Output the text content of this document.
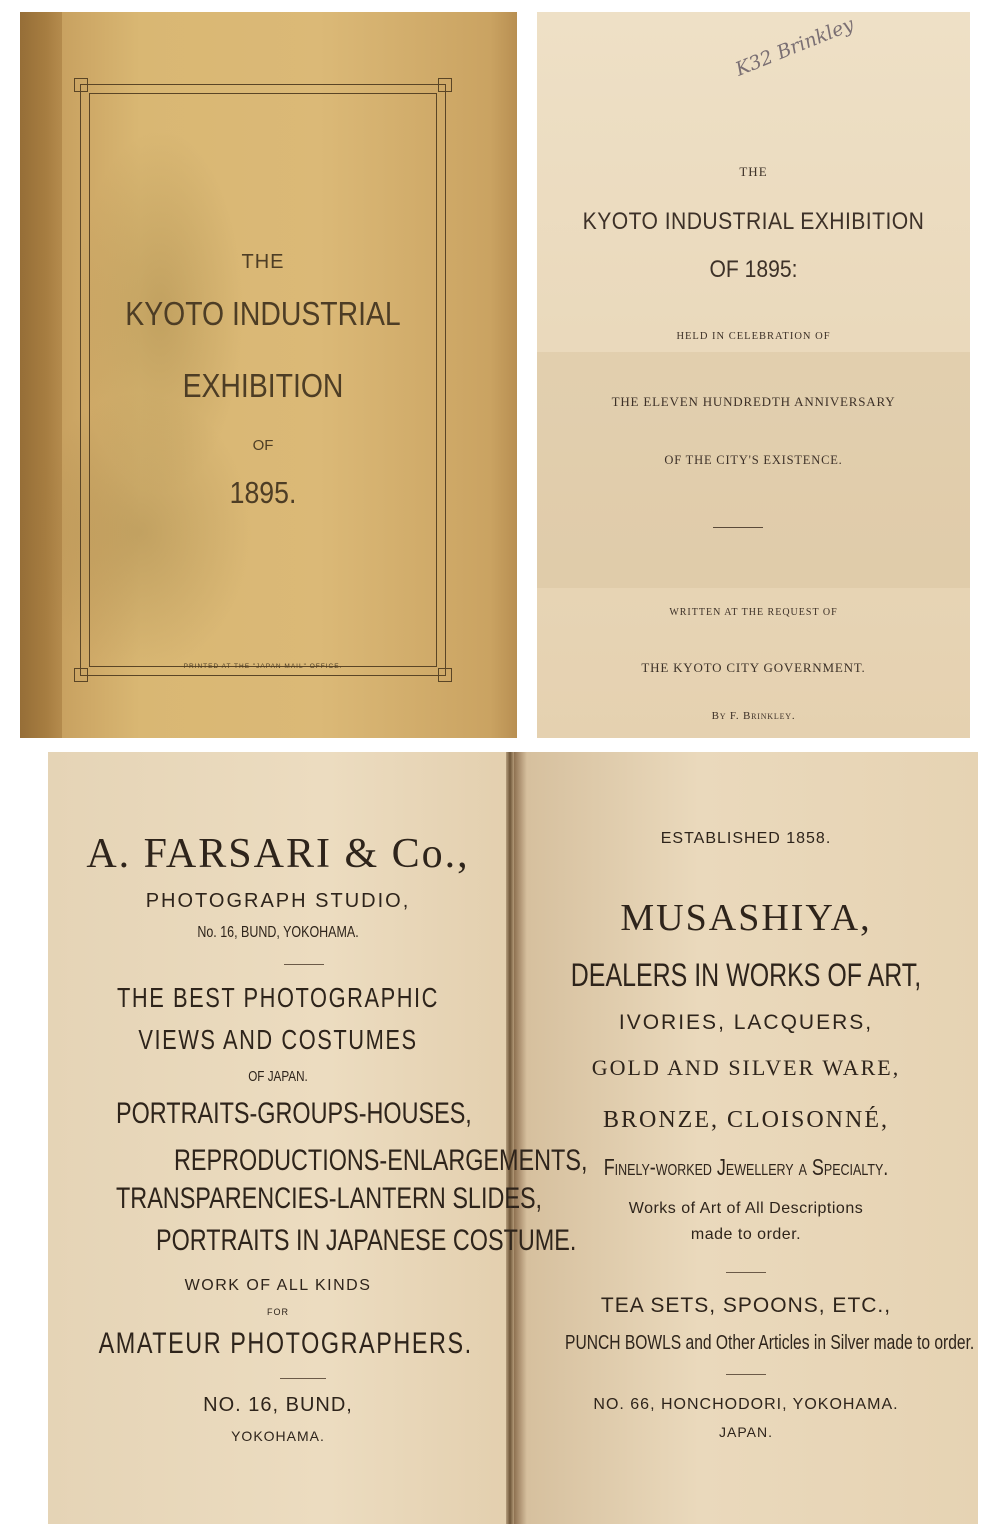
THE
KYOTO INDUSTRIAL
EXHIBITION
OF
1895.
PRINTED AT THE "JAPAN MAIL" OFFICE.
K32 Brinkley
THE
KYOTO INDUSTRIAL EXHIBITION
OF 1895:
HELD IN CELEBRATION OF
THE ELEVEN HUNDREDTH ANNIVERSARY
OF THE CITY'S EXISTENCE.
WRITTEN AT THE REQUEST OF
THE KYOTO CITY GOVERNMENT.
By F. Brinkley.
A. FARSARI & Co.,
PHOTOGRAPH STUDIO,
No. 16, BUND, YOKOHAMA.
THE BEST PHOTOGRAPHIC
VIEWS AND COSTUMES
OF JAPAN.
PORTRAITS-GROUPS-HOUSES,
REPRODUCTIONS-ENLARGEMENTS,
TRANSPARENCIES-LANTERN SLIDES,
PORTRAITS IN JAPANESE COSTUME.
WORK OF ALL KINDS
FOR
AMATEUR PHOTOGRAPHERS.
NO. 16, BUND,
YOKOHAMA.
ESTABLISHED 1858.
MUSASHIYA,
DEALERS IN WORKS OF ART,
IVORIES, LACQUERS,
GOLD AND SILVER WARE,
BRONZE, CLOISONNÉ,
Finely-worked Jewellery a Specialty.
Works of Art of All Descriptions
made to order.
TEA SETS, SPOONS, ETC.,
PUNCH BOWLS and Other Articles in Silver made to order.
NO. 66, HONCHODORI, YOKOHAMA.
JAPAN.
